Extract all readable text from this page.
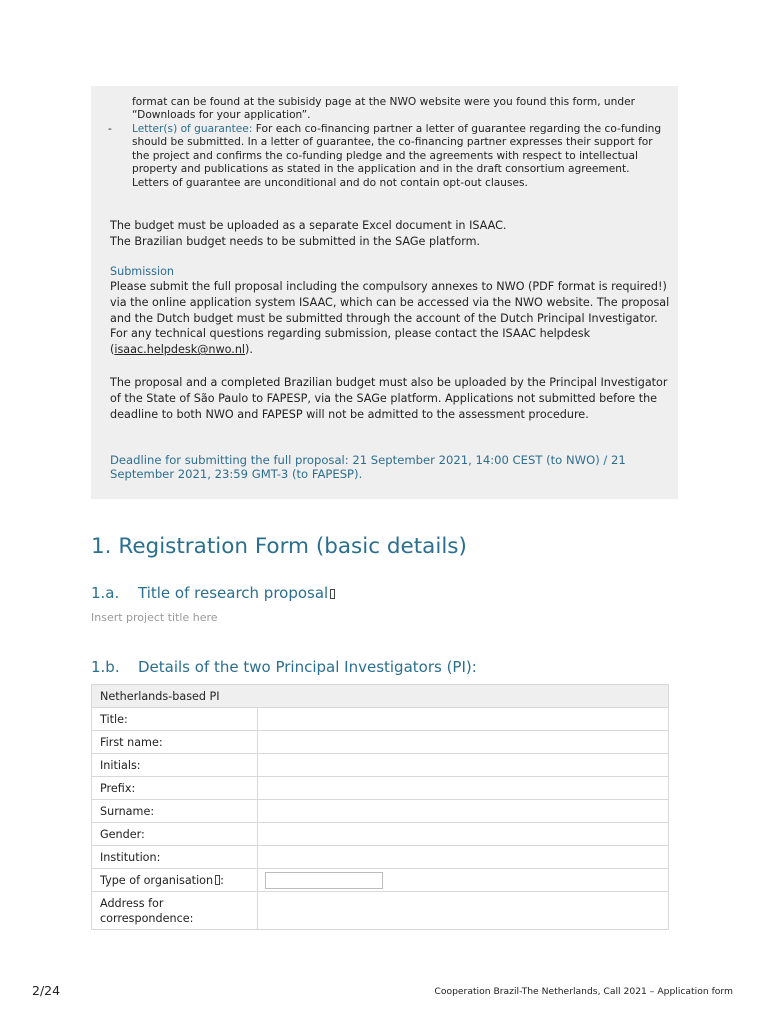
format can be found at the subisidy page at the NWO website were you found this form, under “Downloads for your application”.
-	Letter(s) of guarantee: For each co-financing partner a letter of guarantee regarding the co-funding should be submitted. In a letter of guarantee, the co-financing partner expresses their support for the project and confirms the co-funding pledge and the agreements with respect to intellectual property and publications as stated in the application and in the draft consortium agreement. Letters of guarantee are unconditional and do not contain opt-out clauses.
The budget must be uploaded as a separate Excel document in ISAAC.
The Brazilian budget needs to be submitted in the SAGe platform.
Submission
Please submit the full proposal including the compulsory annexes to NWO (PDF format is required!) via the online application system ISAAC, which can be accessed via the NWO website. The proposal and the Dutch budget must be submitted through the account of the Dutch Principal Investigator. For any technical questions regarding submission, please contact the ISAAC helpdesk (isaac.helpdesk@nwo.nl).
The proposal and a completed Brazilian budget must also be uploaded by the Principal Investigator of the State of São Paulo to FAPESP, via the SAGe platform. Applications not submitted before the deadline to both NWO and FAPESP will not be admitted to the assessment procedure.
Deadline for submitting the full proposal: 21 September 2021, 14:00 CEST (to NWO) / 21 September 2021, 23:59 GMT-3 (to FAPESP).
1. Registration Form (basic details)
1.a. Title of research proposal
Insert project title here
1.b. Details of the two Principal Investigators (PI):
Netherlands-based PI	
Title:	
First name:	
Initials:	
Prefix:	
Surname:	
Gender:	
Institution:	
Type of organisation :	
Address for correspondence:	
2/24	Cooperation Brazil-The Netherlands, Call 2021 – Application form
